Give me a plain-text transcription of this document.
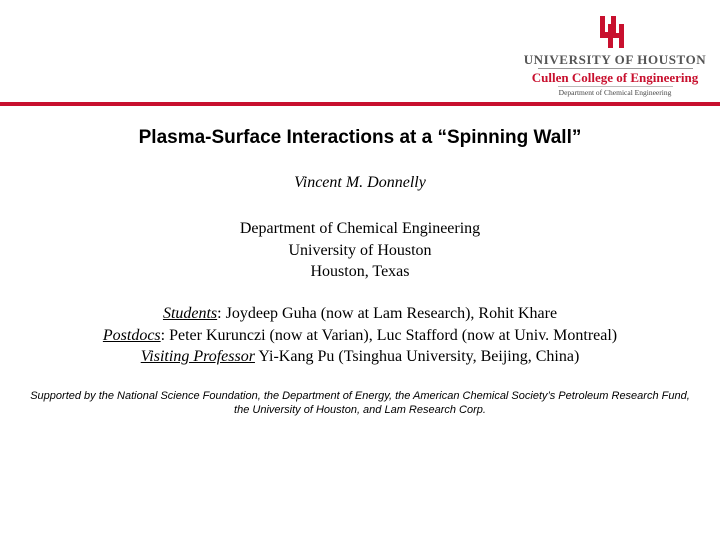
UNIVERSITY OF HOUSTON
Cullen College of Engineering
Department of Chemical Engineering
Plasma-Surface Interactions at a “Spinning Wall”
Vincent M. Donnelly
Department of Chemical Engineering
University of Houston
Houston, Texas
Students: Joydeep Guha (now at Lam Research), Rohit Khare
Postdocs: Peter Kurunczi (now at Varian), Luc Stafford (now at Univ. Montreal)
Visiting Professor Yi-Kang Pu (Tsinghua University, Beijing, China)
Supported by the National Science Foundation, the Department of Energy, the American Chemical Society’s Petroleum Research Fund, the University of Houston, and Lam Research Corp.
